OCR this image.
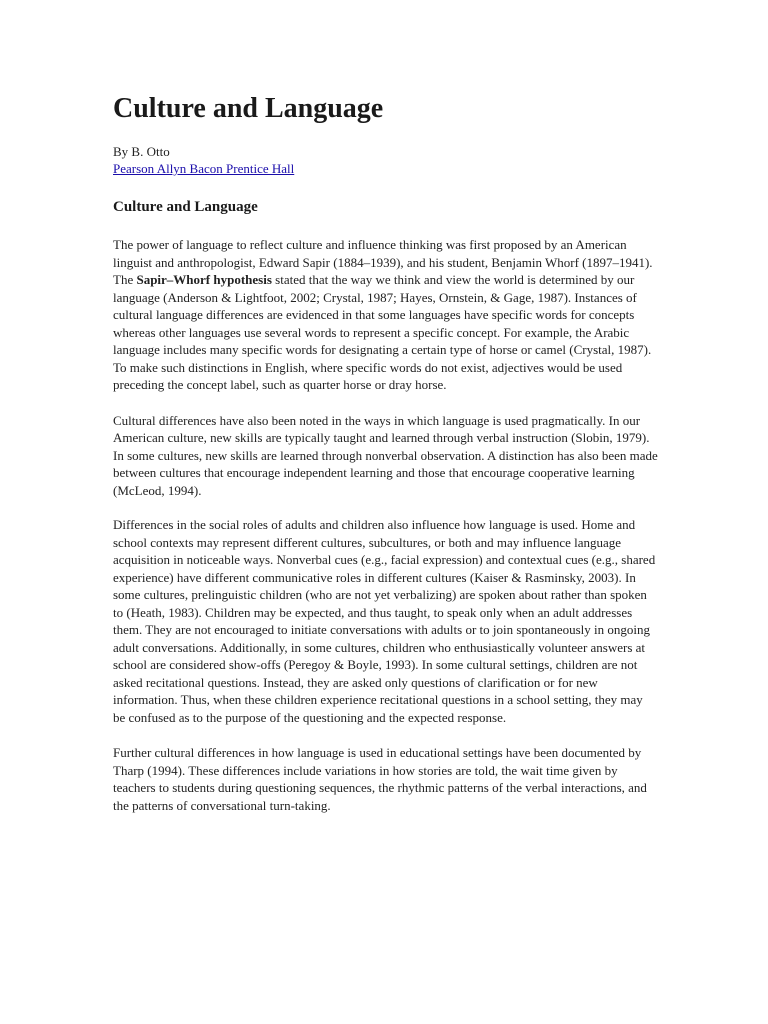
Culture and Language
By B. Otto
Pearson Allyn Bacon Prentice Hall
Culture and Language

The power of language to reflect culture and influence thinking was first proposed by an American linguist and anthropologist, Edward Sapir (1884–1939), and his student, Benjamin Whorf (1897–1941). The Sapir–Whorf hypothesis stated that the way we think and view the world is determined by our language (Anderson & Lightfoot, 2002; Crystal, 1987; Hayes, Ornstein, & Gage, 1987). Instances of cultural language differences are evidenced in that some languages have specific words for concepts whereas other languages use several words to represent a specific concept. For example, the Arabic language includes many specific words for designating a certain type of horse or camel (Crystal, 1987). To make such distinctions in English, where specific words do not exist, adjectives would be used preceding the concept label, such as quarter horse or dray horse.

Cultural differences have also been noted in the ways in which language is used pragmatically. In our American culture, new skills are typically taught and learned through verbal instruction (Slobin, 1979). In some cultures, new skills are learned through nonverbal observation. A distinction has also been made between cultures that encourage independent learning and those that encourage cooperative learning (McLeod, 1994).

Differences in the social roles of adults and children also influence how language is used. Home and school contexts may represent different cultures, subcultures, or both and may influence language acquisition in noticeable ways. Nonverbal cues (e.g., facial expression) and contextual cues (e.g., shared experience) have different communicative roles in different cultures (Kaiser & Rasminsky, 2003). In some cultures, prelinguistic children (who are not yet verbalizing) are spoken about rather than spoken to (Heath, 1983). Children may be expected, and thus taught, to speak only when an adult addresses them. They are not encouraged to initiate conversations with adults or to join spontaneously in ongoing adult conversations. Additionally, in some cultures, children who enthusiastically volunteer answers at school are considered show-offs (Peregoy & Boyle, 1993). In some cultural settings, children are not asked recitational questions. Instead, they are asked only questions of clarification or for new information. Thus, when these children experience recitational questions in a school setting, they may be confused as to the purpose of the questioning and the expected response.

Further cultural differences in how language is used in educational settings have been documented by Tharp (1994). These differences include variations in how stories are told, the wait time given by teachers to students during questioning sequences, the rhythmic patterns of the verbal interactions, and the patterns of conversational turn-taking.
